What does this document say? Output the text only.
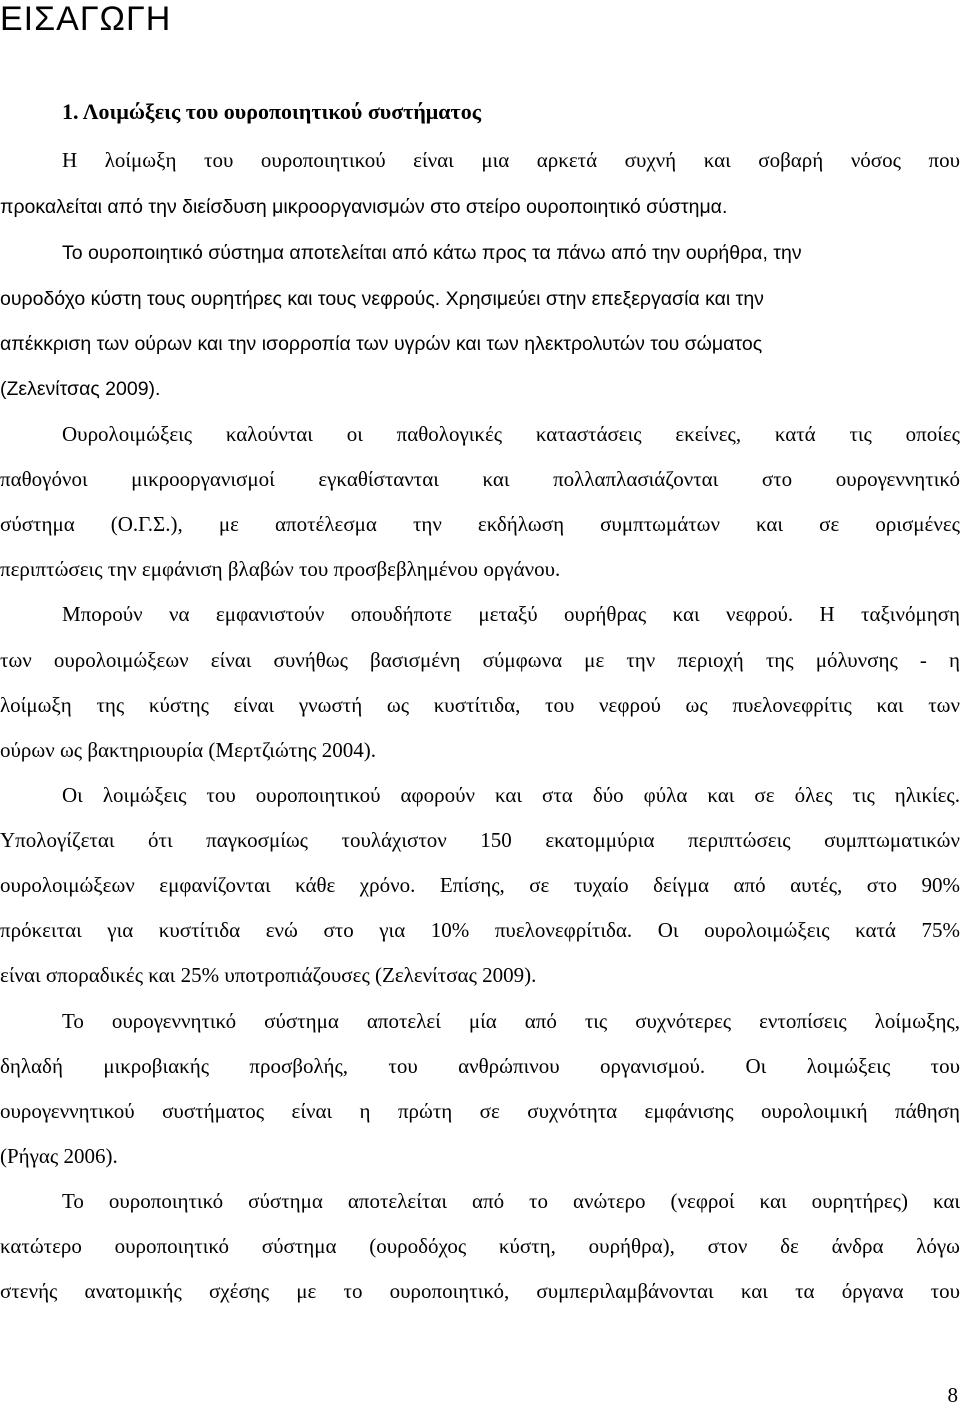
ΕΙΣΑΓΩΓΗ
1. Λοιμώξεις του ουροποιητικού συστήματος

Η λοίμωξη του ουροποιητικού είναι μια αρκετά συχνή και σοβαρή νόσος που

προκαλείται από την διείσδυση μικροοργανισμών στο στείρο ουροποιητικό σύστημα.

Το ουροποιητικό σύστημα αποτελείται από κάτω προς τα πάνω από την ουρήθρα, την

ουροδόχο κύστη τους ουρητήρες και τους νεφρούς. Χρησιμεύει στην επεξεργασία και την

απέκκριση των ούρων και την ισορροπία των υγρών και των ηλεκτρολυτών του σώματος

(Ζελενίτσας 2009).

Ουρολοιμώξεις καλούνται οι παθολογικές καταστάσεις εκείνες, κατά τις οποίες

παθογόνοι μικροοργανισμοί εγκαθίστανται και πολλαπλασιάζονται στο ουρογεννητικό

σύστημα (Ο.Γ.Σ.), με αποτέλεσμα την εκδήλωση συμπτωμάτων και σε ορισμένες

περιπτώσεις την εμφάνιση βλαβών του προσβεβλημένου οργάνου.

Μπορούν να εμφανιστούν οπουδήποτε μεταξύ ουρήθρας και νεφρού. Η ταξινόμηση

των ουρολοιμώξεων είναι συνήθως βασισμένη σύμφωνα με την περιοχή της μόλυνσης - η

λοίμωξη της κύστης είναι γνωστή ως κυστίτιδα, του νεφρού ως πυελονεφρίτις και των

ούρων ως βακτηριουρία (Μερτζιώτης 2004).

Οι λοιμώξεις του ουροποιητικού αφορούν και στα δύο φύλα και σε όλες τις ηλικίες.

Υπολογίζεται ότι παγκοσμίως τουλάχιστον 150 εκατομμύρια περιπτώσεις συμπτωματικών

ουρολοιμώξεων εμφανίζονται κάθε χρόνο. Επίσης, σε τυχαίο δείγμα από αυτές, στο 90%

πρόκειται για κυστίτιδα ενώ στο για 10% πυελονεφρίτιδα. Οι ουρολοιμώξεις κατά 75%

είναι σποραδικές και 25% υποτροπιάζουσες (Ζελενίτσας 2009).

Το ουρογεννητικό σύστημα αποτελεί μία από τις συχνότερες εντοπίσεις λοίμωξης,

δηλαδή μικροβιακής προσβολής, του ανθρώπινου οργανισμού. Οι λοιμώξεις του

ουρογεννητικού συστήματος είναι η πρώτη σε συχνότητα εμφάνισης ουρολοιμική πάθηση

(Ρήγας 2006).

Το ουροποιητικό σύστημα αποτελείται από το ανώτερο (νεφροί και ουρητήρες) και

κατώτερο ουροποιητικό σύστημα (ουροδόχος κύστη, ουρήθρα), στον δε άνδρα λόγω

στενής ανατομικής σχέσης με το ουροποιητικό, συμπεριλαμβάνονται και τα όργανα του

8
